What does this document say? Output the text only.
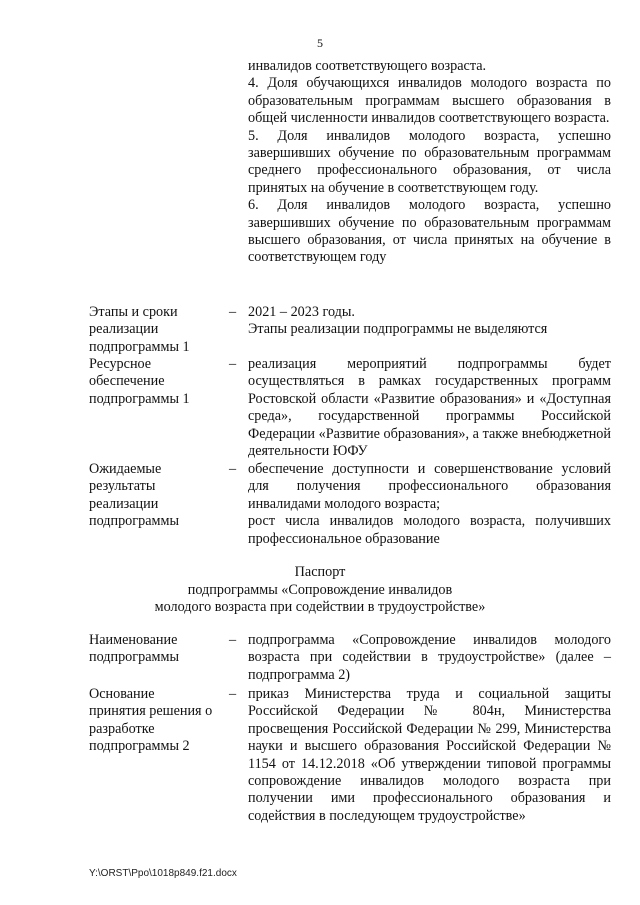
5

инвалидов соответствующего возраста.

4. Доля обучающихся инвалидов молодого возраста по образовательным программам высшего образования в общей численности инвалидов соответствующего возраста.

5. Доля инвалидов молодого возраста, успешно завершивших обучение по образовательным программам среднего профессионального образования, от числа принятых на обучение в соответствующем году.

6. Доля инвалидов молодого возраста, успешно завершивших обучение по образовательным программам высшего образования, от числа принятых на обучение в соответствующем году

Этапы и сроки реализации подпрограммы 1
– 2021 – 2023 годы.

Этапы реализации подпрограммы не выделяются

Ресурсное обеспечение подпрограммы 1
– реализация мероприятий подпрограммы будет осуществляться в рамках государственных программ Ростовской области «Развитие образования» и «Доступная среда», государственной программы Российской Федерации «Развитие образования», а также внебюджетной деятельности ЮФУ

Ожидаемые результаты реализации подпрограммы
– обеспечение доступности и совершенствование условий для получения профессионального образования инвалидами молодого возраста;

рост числа инвалидов молодого возраста, получивших профессиональное образование

Паспорт
подпрограммы «Сопровождение инвалидов
молодого возраста при содействии в трудоустройстве»
Наименование подпрограммы
– подпрограмма «Сопровождение инвалидов молодого возраста при содействии в трудоустройстве» (далее – подпрограмма 2)

Основание принятия решения о разработке подпрограммы 2
– приказ Министерства труда и социальной защиты Российской Федерации № 804н, Министерства просвещения Российской Федерации № 299, Министерства науки и высшего образования Российской Федерации № 1154 от 14.12.2018 «Об утверждении типовой программы сопровождение инвалидов молодого возраста при получении ими профессионального образования и содействия в последующем трудоустройстве»

Y:\ORST\Ppo\1018p849.f21.docx
